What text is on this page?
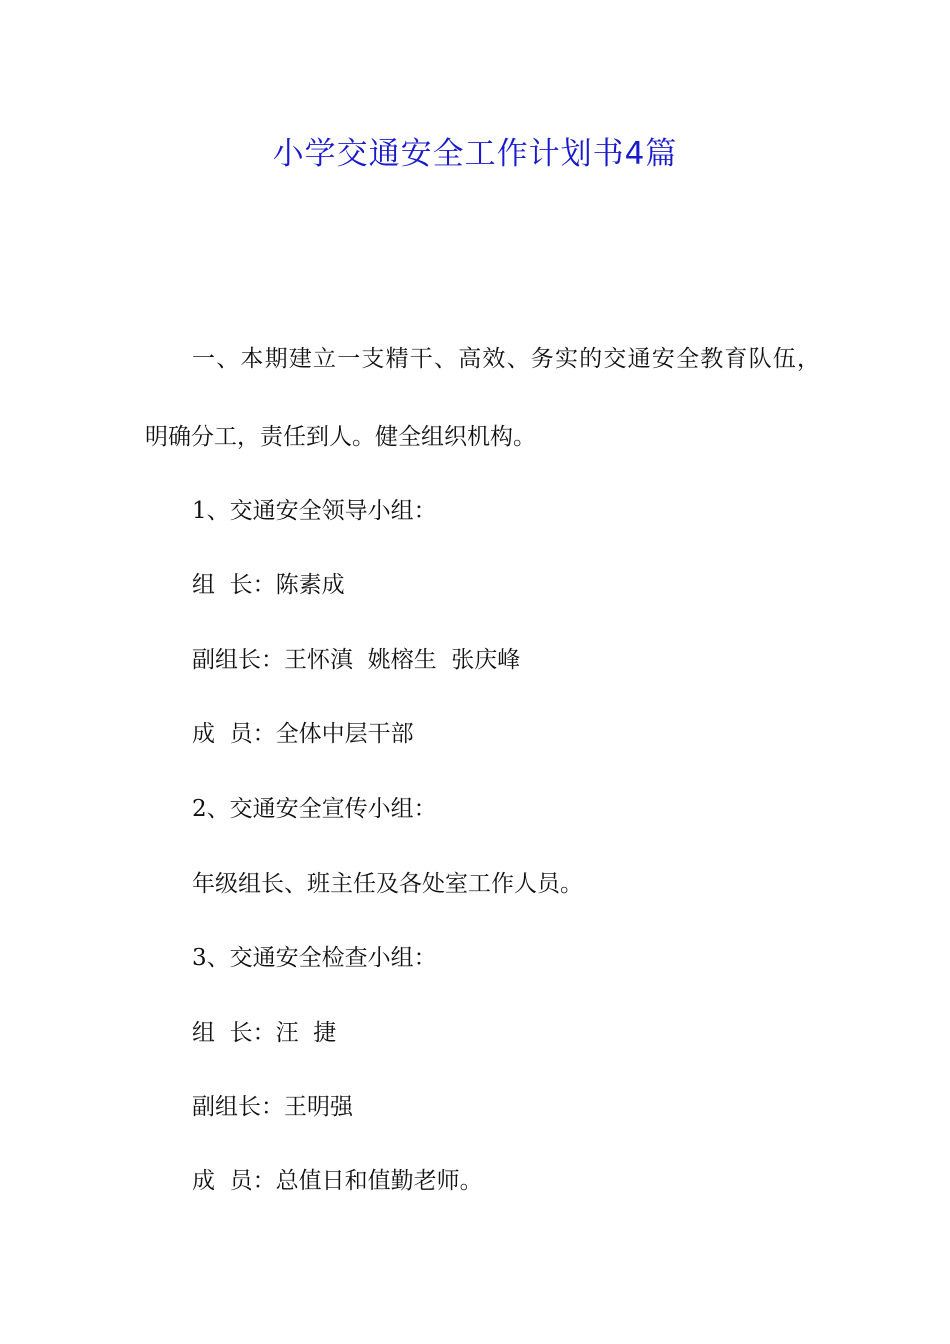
小学交通安全工作计划书4篇

一、本期建立一支精干、高效、务实的交通安全教育队伍，

明确分工，责任到人。健全组织机构。

1、交通安全领导小组：

组  长：陈素成

副组长：王怀滇  姚榕生  张庆峰

成  员：全体中层干部

2、交通安全宣传小组：

年级组长、班主任及各处室工作人员。

3、交通安全检查小组：

组  长：汪  捷

副组长：王明强

成  员：总值日和值勤老师。
